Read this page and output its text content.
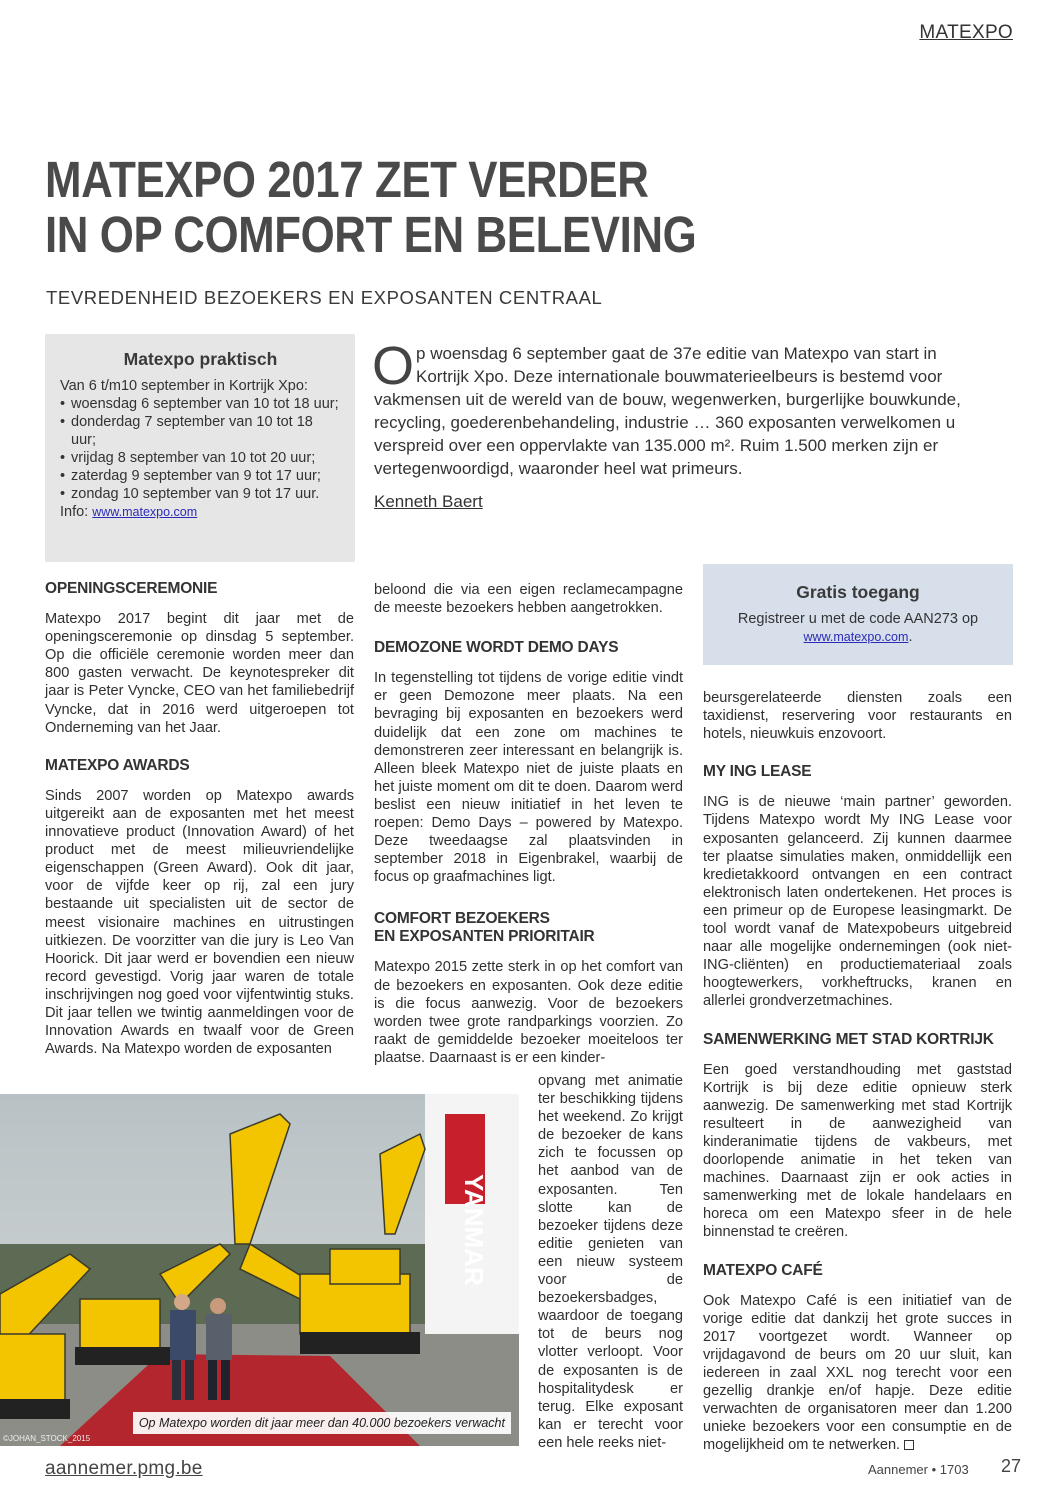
MATEXPO
MATEXPO 2017 ZET VERDER
IN OP COMFORT EN BELEVING
TEVREDENHEID BEZOEKERS EN EXPOSANTEN CENTRAAL
Matexpo praktisch
Van 6 t/m10 september in Kortrijk Xpo:
• woensdag 6 september van 10 tot 18 uur;
• donderdag 7 september van 10 tot 18 uur;
• vrijdag 8 september van 10 tot 20 uur;
• zaterdag 9 september van 9 tot 17 uur;
• zondag 10 september van 9 tot 17 uur.
Info: www.matexpo.com
Op woensdag 6 september gaat de 37e editie van Matexpo van start in Kortrijk Xpo. Deze internationale bouwmaterieelbeurs is bestemd voor vakmensen uit de wereld van de bouw, wegenwerken, burgerlijke bouwkunde, recycling, goederenbehandeling, industrie … 360 exposanten verwelkomen u verspreid over een oppervlakte van 135.000 m². Ruim 1.500 merken zijn er vertegenwoordigd, waaronder heel wat primeurs.
Kenneth Baert
OPENINGSCEREMONIE

Matexpo 2017 begint dit jaar met de openingsceremonie op dinsdag 5 september. Op die officiële ceremonie worden meer dan 800 gasten verwacht. De keynotespreker dit jaar is Peter Vyncke, CEO van het familiebedrijf Vyncke, dat in 2016 werd uitgeroepen tot Onderneming van het Jaar.

MATEXPO AWARDS

Sinds 2007 worden op Matexpo awards uitgereikt aan de exposanten met het meest innovatieve product (Innovation Award) of het product met de meest milieuvriendelijke eigenschappen (Green Award). Ook dit jaar, voor de vijfde keer op rij, zal een jury bestaande uit specialisten uit de sector de meest visionaire machines en uitrustingen uitkiezen. De voorzitter van die jury is Leo Van Hoorick. Dit jaar werd er bovendien een nieuw record gevestigd. Vorig jaar waren de totale inschrijvingen nog goed voor vijfentwintig stuks. Dit jaar tellen we twintig aanmeldingen voor de Innovation Awards en twaalf voor de Green Awards. Na Matexpo worden de exposanten

beloond die via een eigen reclamecampagne de meeste bezoekers hebben aangetrokken.

DEMOZONE WORDT DEMO DAYS

In tegenstelling tot tijdens de vorige editie vindt er geen Demozone meer plaats. Na een bevraging bij exposanten en bezoekers werd duidelijk dat een zone om machines te demonstreren zeer interessant en belangrijk is. Alleen bleek Matexpo niet de juiste plaats en het juiste moment om dit te doen. Daarom werd beslist een nieuw initiatief in het leven te roepen: Demo Days – powered by Matexpo. Deze tweedaagse zal plaatsvinden in september 2018 in Eigenbrakel, waarbij de focus op graafmachines ligt.

COMFORT BEZOEKERS
EN EXPOSANTEN PRIORITAIR

Matexpo 2015 zette sterk in op het comfort van de bezoekers en exposanten. Ook deze editie is die focus aanwezig. Voor de bezoekers worden twee grote randparkings voorzien. Zo raakt de gemiddelde bezoeker moeiteloos ter plaatse. Daarnaast is er een kinder-

opvang met animatie ter beschikking tijdens het weekend. Zo krijgt de bezoeker de kans zich te focussen op het aanbod van de exposanten. Ten slotte kan de bezoeker tijdens deze editie genieten van een nieuw systeem voor de bezoekersbadges, waardoor de toegang tot de beurs nog vlotter verloopt. Voor de exposanten is de hospitalitydesk er terug. Elke exposant kan er terecht voor een hele reeks niet-
Gratis toegang

Registreer u met de code AAN273 op

www.matexpo.com.

beursgerelateerde diensten zoals een taxidienst, reservering voor restaurants en hotels, nieuwkuis enzovoort.

MY ING LEASE

ING is de nieuwe ‘main partner’ geworden. Tijdens Matexpo wordt My ING Lease voor exposanten gelanceerd. Zij kunnen daarmee ter plaatse simulaties maken, onmiddellijk een kredietakkoord ontvangen en een contract elektronisch laten ondertekenen. Het proces is een primeur op de Europese leasingmarkt. De tool wordt vanaf de Matexpobeurs uitgebreid naar alle mogelijke ondernemingen (ook niet-ING-cliënten) en productiemateriaal zoals hoogtewerkers, vorkheftrucks, kranen en allerlei grondverzetmachines.

SAMENWERKING MET STAD KORTRIJK

Een goed verstandhouding met gaststad Kortrijk is bij deze editie opnieuw sterk aanwezig. De samenwerking met stad Kortrijk resulteert in de aanwezigheid van kinderanimatie tijdens de vakbeurs, met doorlopende animatie in het teken van machines. Daarnaast zijn er ook acties in samenwerking met de lokale handelaars en horeca om een Matexpo sfeer in de hele binnenstad te creëren.

MATEXPO CAFÉ

Ook Matexpo Café is een initiatief van de vorige editie dat dankzij het grote succes in 2017 voortgezet wordt. Wanneer op vrijdagavond de beurs om 20 uur sluit, kan iedereen in zaal XXL nog terecht voor een gezellig drankje en/of hapje. Deze editie verwachten de organisatoren meer dan 1.200 unieke bezoekers voor een consumptie en de mogelijkheid om te netwerken.

YANMAR
Op Matexpo worden dit jaar meer dan 40.000 bezoekers verwacht
©JOHAN_STOCK_2015
aannemer.pmg.be	Aannemer • 1703 27
